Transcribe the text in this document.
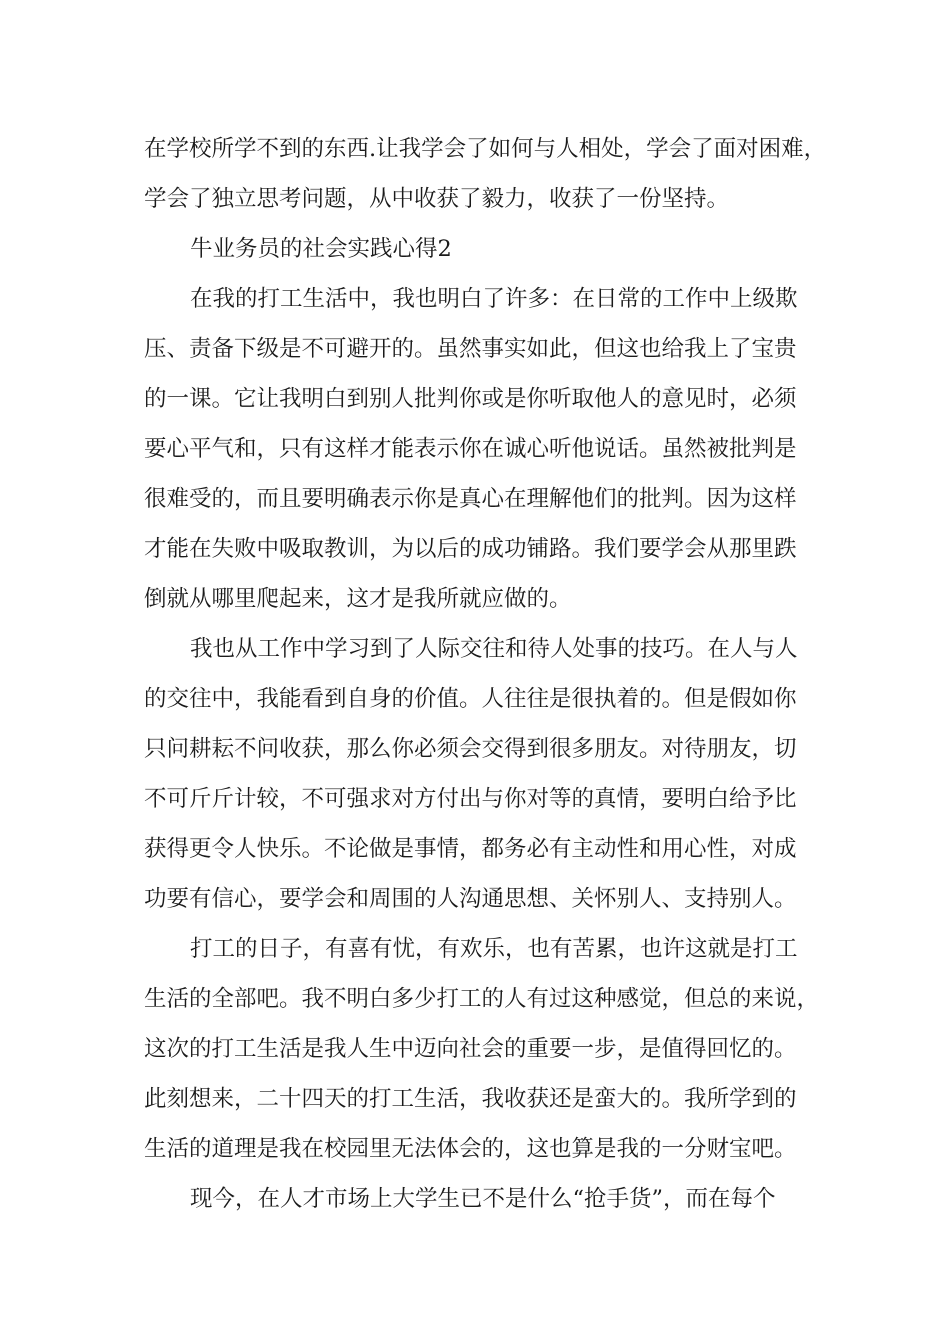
在学校所学不到的东西.让我学会了如何与人相处，学会了面对困难，
学会了独立思考问题，从中收获了毅力，收获了一份坚持。
牛业务员的社会实践心得2
在我的打工生活中，我也明白了许多：在日常的工作中上级欺
压、责备下级是不可避开的。虽然事实如此，但这也给我上了宝贵
的一课。它让我明白到别人批判你或是你听取他人的意见时，必须
要心平气和，只有这样才能表示你在诚心听他说话。虽然被批判是
很难受的，而且要明确表示你是真心在理解他们的批判。因为这样
才能在失败中吸取教训，为以后的成功铺路。我们要学会从那里跌
倒就从哪里爬起来，这才是我所就应做的。
我也从工作中学习到了人际交往和待人处事的技巧。在人与人
的交往中，我能看到自身的价值。人往往是很执着的。但是假如你
只问耕耘不问收获，那么你必须会交得到很多朋友。对待朋友，切
不可斤斤计较，不可强求对方付出与你对等的真情，要明白给予比
获得更令人快乐。不论做是事情，都务必有主动性和用心性，对成
功要有信心，要学会和周围的人沟通思想、关怀别人、支持别人。
打工的日子，有喜有忧，有欢乐，也有苦累，也许这就是打工
生活的全部吧。我不明白多少打工的人有过这种感觉，但总的来说，
这次的打工生活是我人生中迈向社会的重要一步，是值得回忆的。
此刻想来，二十四天的打工生活，我收获还是蛮大的。我所学到的
生活的道理是我在校园里无法体会的，这也算是我的一分财宝吧。
现今，在人才市场上大学生已不是什么“抢手货”，而在每个
